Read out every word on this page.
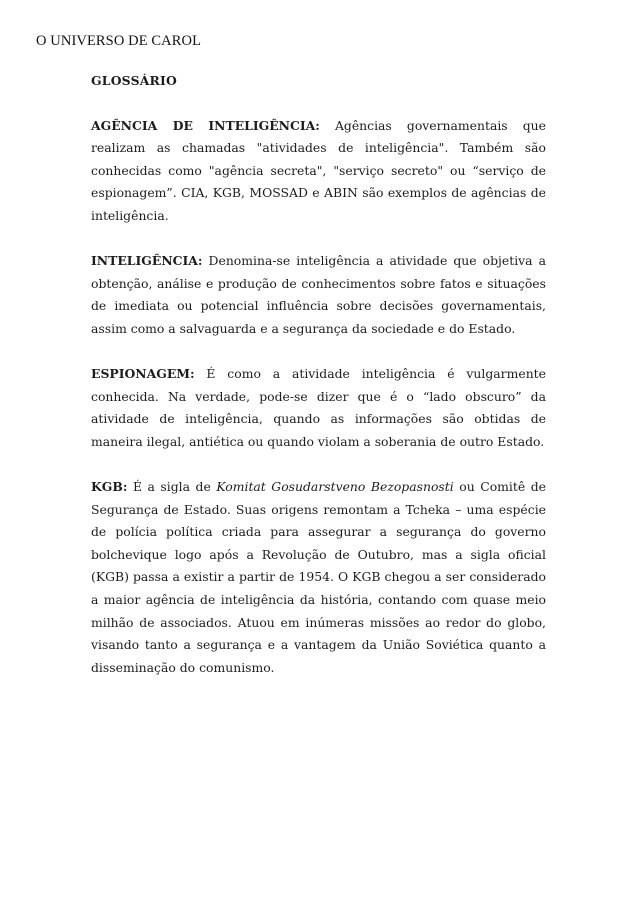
O UNIVERSO DE CAROL
GLOSSÁRIO

AGÊNCIA DE INTELIGÊNCIA: Agências governamentais que realizam as chamadas "atividades de inteligência". Também são conhecidas como "agência secreta", "serviço secreto" ou “serviço de espionagem”. CIA, KGB, MOSSAD e ABIN são exemplos de agências de inteligência.

INTELIGÊNCIA: Denomina-se inteligência a atividade que objetiva a obtenção, análise e produção de conhecimentos sobre fatos e situações de imediata ou potencial influência sobre decisões governamentais, assim como a salvaguarda e a segurança da sociedade e do Estado.

ESPIONAGEM: É como a atividade inteligência é vulgarmente conhecida. Na verdade, pode-se dizer que é o “lado obscuro” da atividade de inteligência, quando as informações são obtidas de maneira ilegal, antiética ou quando violam a soberania de outro Estado.

KGB: É a sigla de Komitat Gosudarstveno Bezopasnosti ou Comitê de Segurança de Estado. Suas origens remontam a Tcheka – uma espécie de polícia política criada para assegurar a segurança do governo bolchevique logo após a Revolução de Outubro, mas a sigla oficial (KGB) passa a existir a partir de 1954. O KGB chegou a ser considerado a maior agência de inteligência da história, contando com quase meio milhão de associados. Atuou em inúmeras missões ao redor do globo, visando tanto a segurança e a vantagem da União Soviética quanto a disseminação do comunismo.
